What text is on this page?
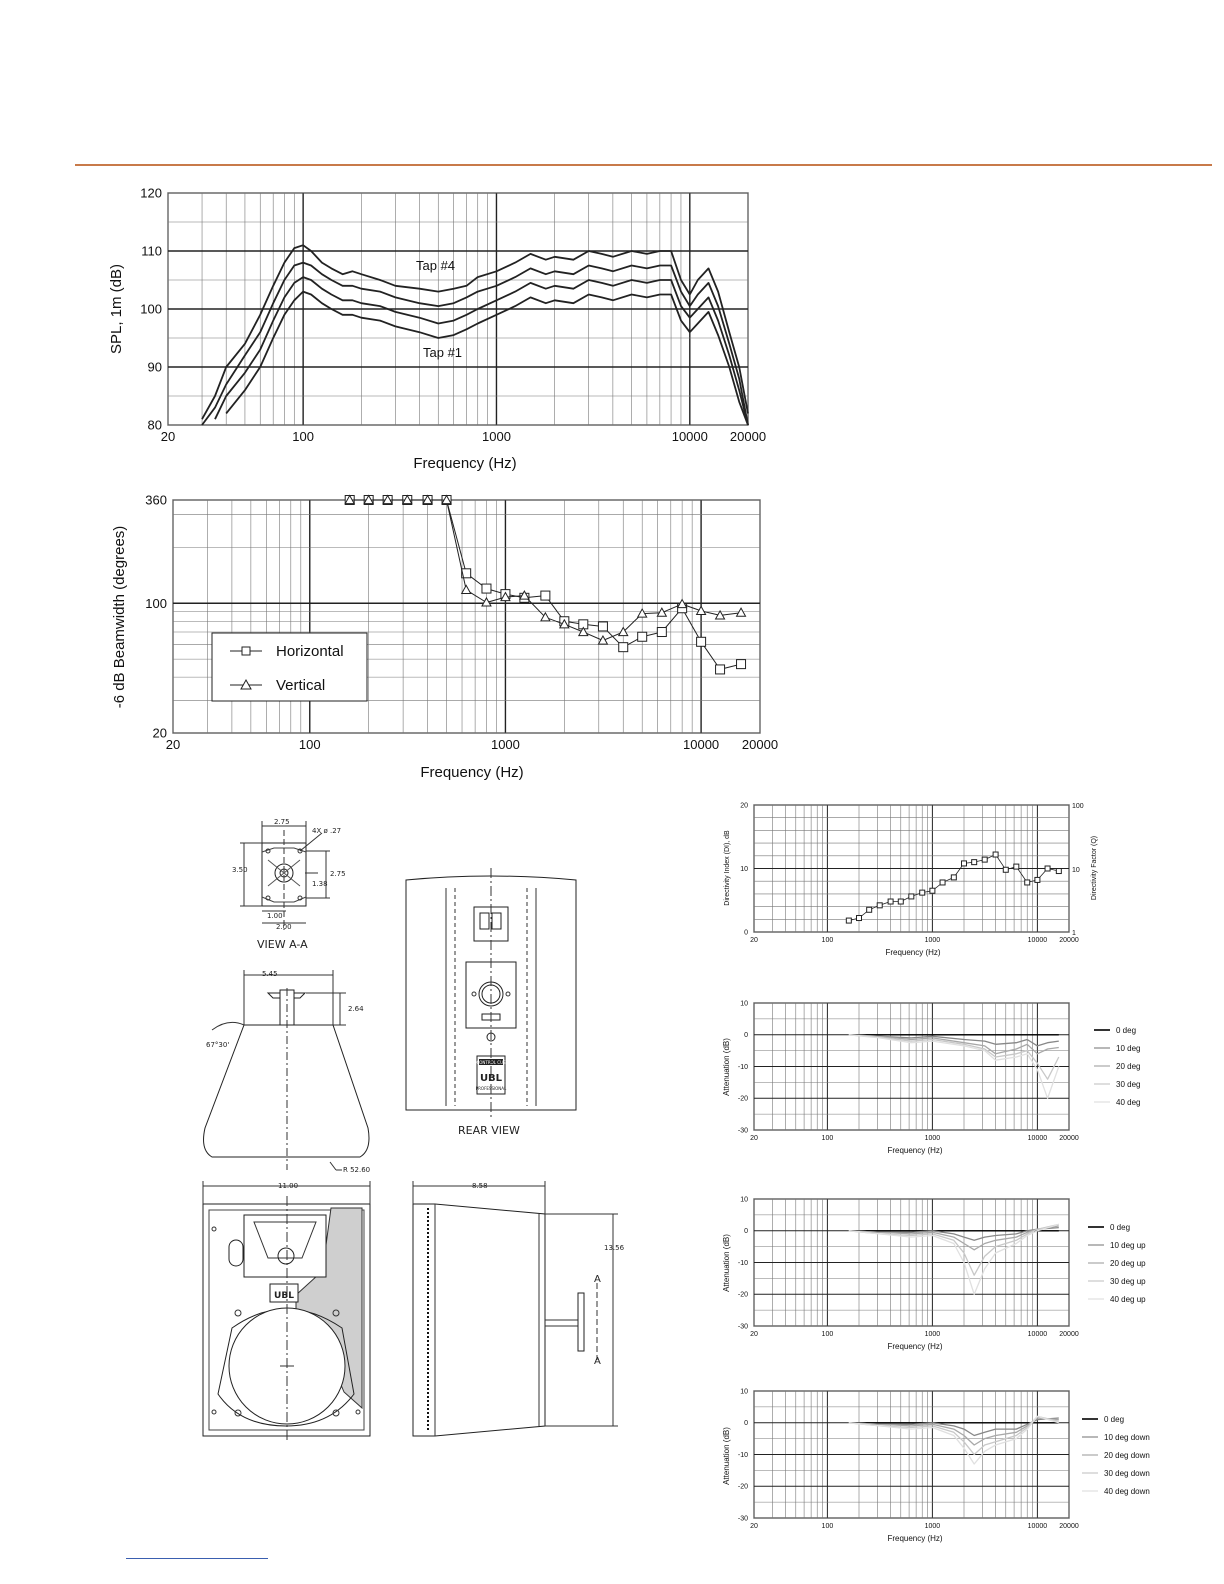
20	100	1000	10000 20000
80
90
100
110
120
Frequency (Hz)
SPL, 1m (dB)	Tap #4
Tap #1
20	100	1000	10000 20000
20
100
360
Horizontal
Vertical
Frequency (Hz)
-6 dB Beamwidth (degrees)
20	100	1000	10000 20000
0
10
20	100
10
1
Frequency (Hz)
Directivity Index (DI), dB	Directivity Factor (Q)
20	100	1000	10000 20000
10
0
-10
-20
-30
0 deg
10 deg
20 deg
30 deg
40 deg
Frequency (Hz)
Attenuation (dB)
20	100	1000	10000 20000
10
0
-10
-20
-30
0 deg
10 deg up
20 deg up
30 deg up
40 deg up
Frequency (Hz)
Attenuation (dB)
20	100	1000	10000 20000
10
0
-10
-20
-30
0 deg
10 deg down
20 deg down
30 deg down
40 deg down
Frequency (Hz)
Attenuation (dB)
2.75
4X ø .27
3.50	2.75
1.38
1.00
2.00
VIEW A-A
5.45
2.64
67°30'
R 52.60
CONTROL CUE
UBL
PROFESSIONAL
REAR VIEW
UBL
11.00	8.58
13.56
A
A
